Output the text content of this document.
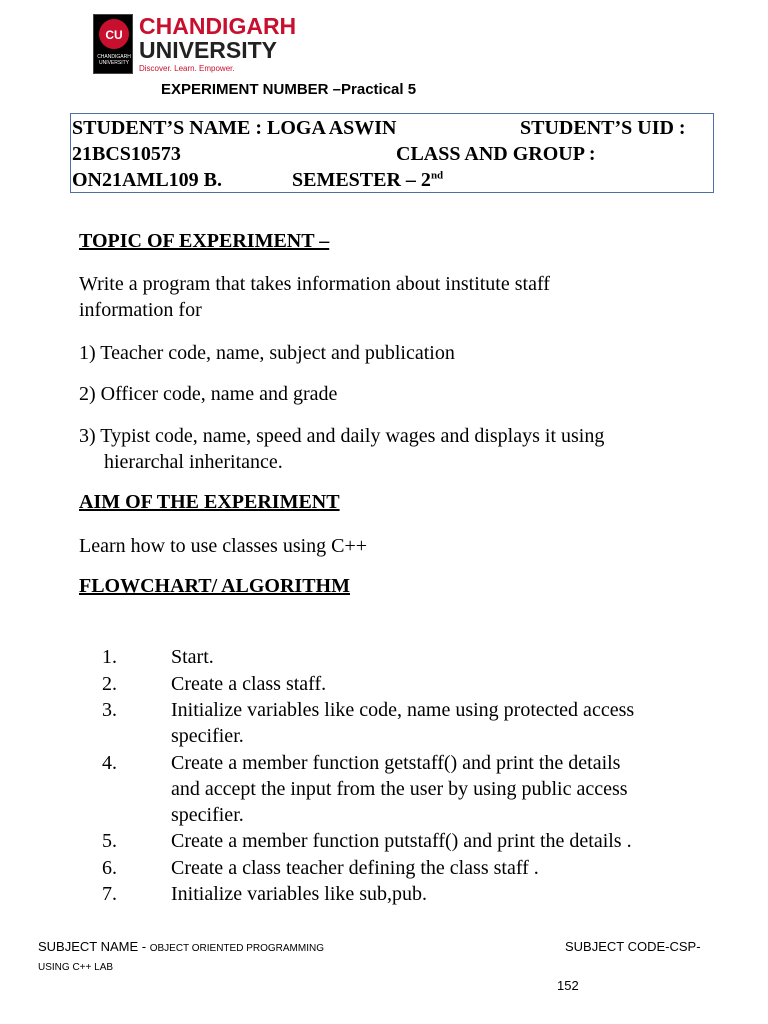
CU
CHANDIGARH UNIVERSITY
CHANDIGARH
UNIVERSITY
Discover. Learn. Empower.
EXPERIMENT NUMBER –Practical 5
STUDENT’S NAME : LOGA ASWIN	STUDENT’S UID :
21BCS10573	CLASS AND GROUP :
ON21AML109 B.	SEMESTER – 2nd
TOPIC OF EXPERIMENT –
Write a program that takes information about institute staff
information for
1) Teacher code, name, subject and publication
2) Officer code, name and grade
3) Typist code, name, speed and daily wages and displays it using
hierarchal inheritance.
AIM OF THE EXPERIMENT
Learn how to use classes using C++
FLOWCHART/ ALGORITHM
1.	Start.
2.	Create a class staff.
3.	Initialize variables like code, name using protected access
specifier.
4.	Create a member function getstaff() and print the details
and accept the input from the user by using public access
specifier.
5.	Create a member function putstaff() and print the details .
6.	Create a class teacher defining the class staff .
7.	Initialize variables like sub,pub.
SUBJECT NAME - OBJECT ORIENTED PROGRAMMING
USING C++ LAB
SUBJECT CODE-CSP-
152
